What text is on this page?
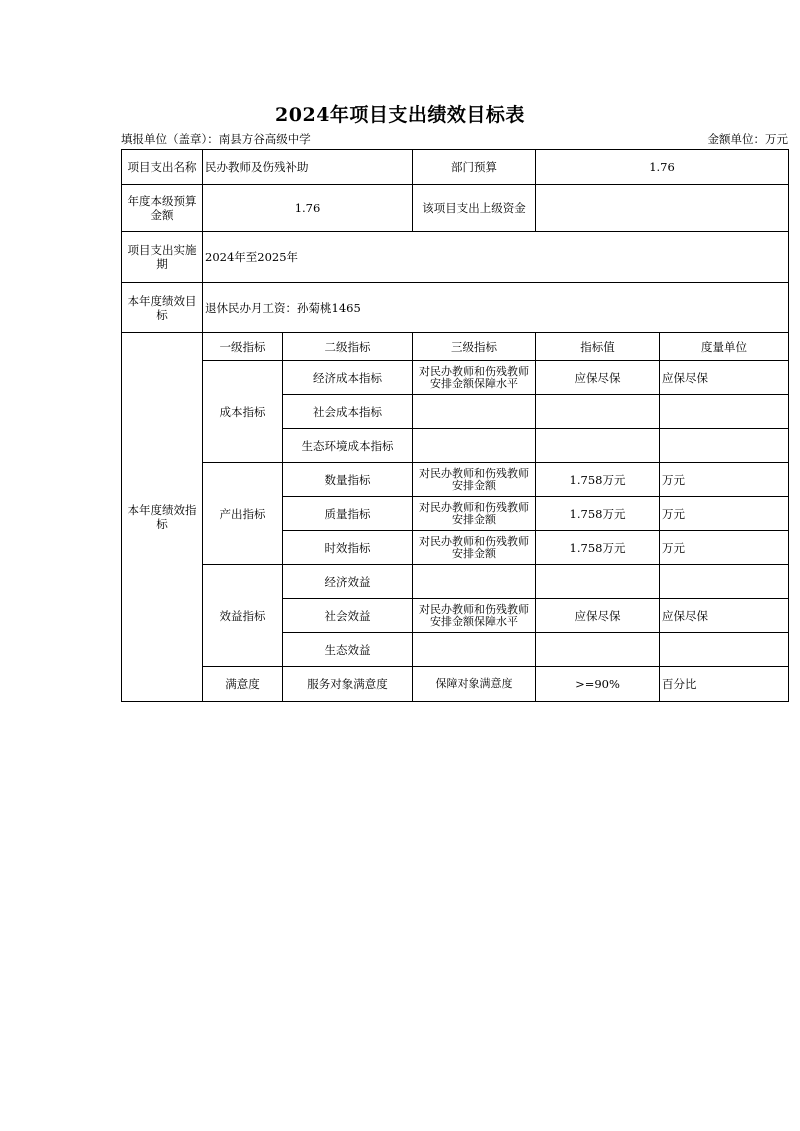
2024年项目支出绩效目标表
填报单位（盖章）：南县方谷高级中学	金额单位：万元
项目支出名称	民办教师及伤残补助		部门预算	1.76	
年度本级预算金额	1.76		该项目支出上级资金		
项目支出实施期	2024年至2025年				
本年度绩效目标	退休民办月工资：孙菊桃1465				
本年度绩效指标	一级指标	二级指标	三级指标	指标值	度量单位
	成本指标	经济成本指标	对民办教师和伤残教师安排金额保障水平	应保尽保	应保尽保
		社会成本指标			
		生态环境成本指标			
	产出指标	数量指标	对民办教师和伤残教师安排金额	1.758万元	万元
		质量指标	对民办教师和伤残教师安排金额	1.758万元	万元
		时效指标	对民办教师和伤残教师安排金额	1.758万元	万元
	效益指标	经济效益			
		社会效益	对民办教师和伤残教师安排金额保障水平	应保尽保	应保尽保
		生态效益			
	满意度	服务对象满意度	保障对象满意度	>=90%	百分比
